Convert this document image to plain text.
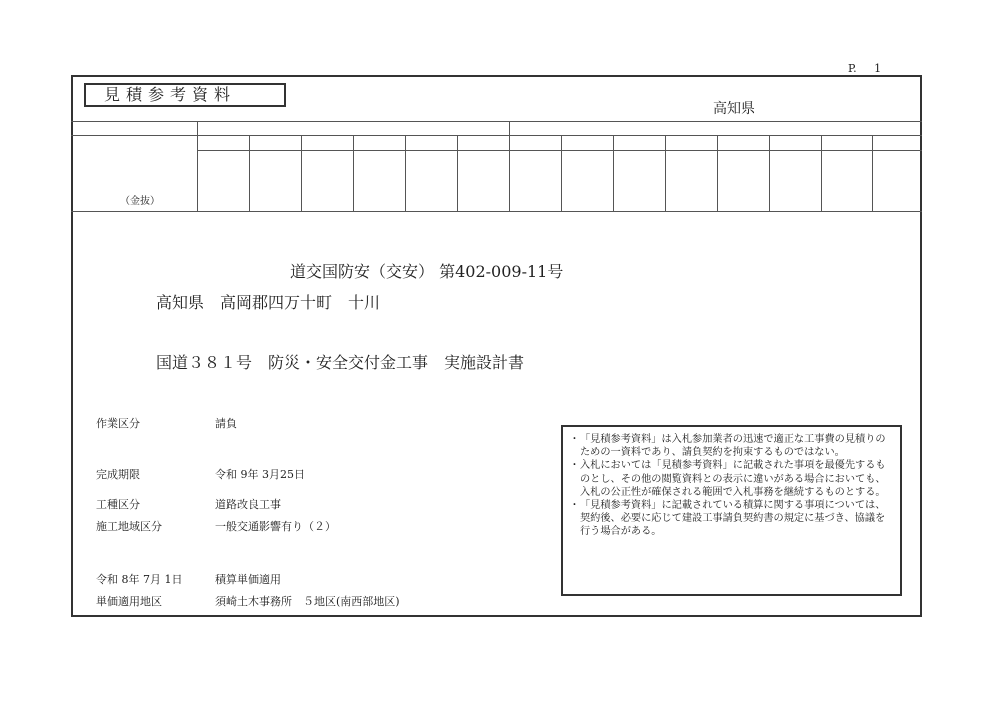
P. 1
見積参考資料
高知県
（金抜）
道交国防安（交安） 第402-009-11号
高知県　高岡郡四万十町　十川
国道３８１号　防災・安全交付金工事　実施設計書
作業区分	請負
完成期限	令和 9年 3月25日
工種区分	道路改良工事
施工地域区分	一般交通影響有り（２）
令和 8年 7月 1日	積算単価適用
単価適用地区	須崎土木事務所　５地区(南西部地区)
・ 「見積参考資料」は入札参加業者の迅速で適正な工事費の見積りのための一資料であり、請負契約を拘束するものではない。
・ 入札においては「見積参考資料」に記載された事項を最優先するものとし、その他の閲覧資料との表示に違いがある場合においても、入札の公正性が確保される範囲で入札事務を継続するものとする。
・ 「見積参考資料」に記載されている積算に関する事項については、契約後、必要に応じて建設工事請負契約書の規定に基づき、協議を行う場合がある。
